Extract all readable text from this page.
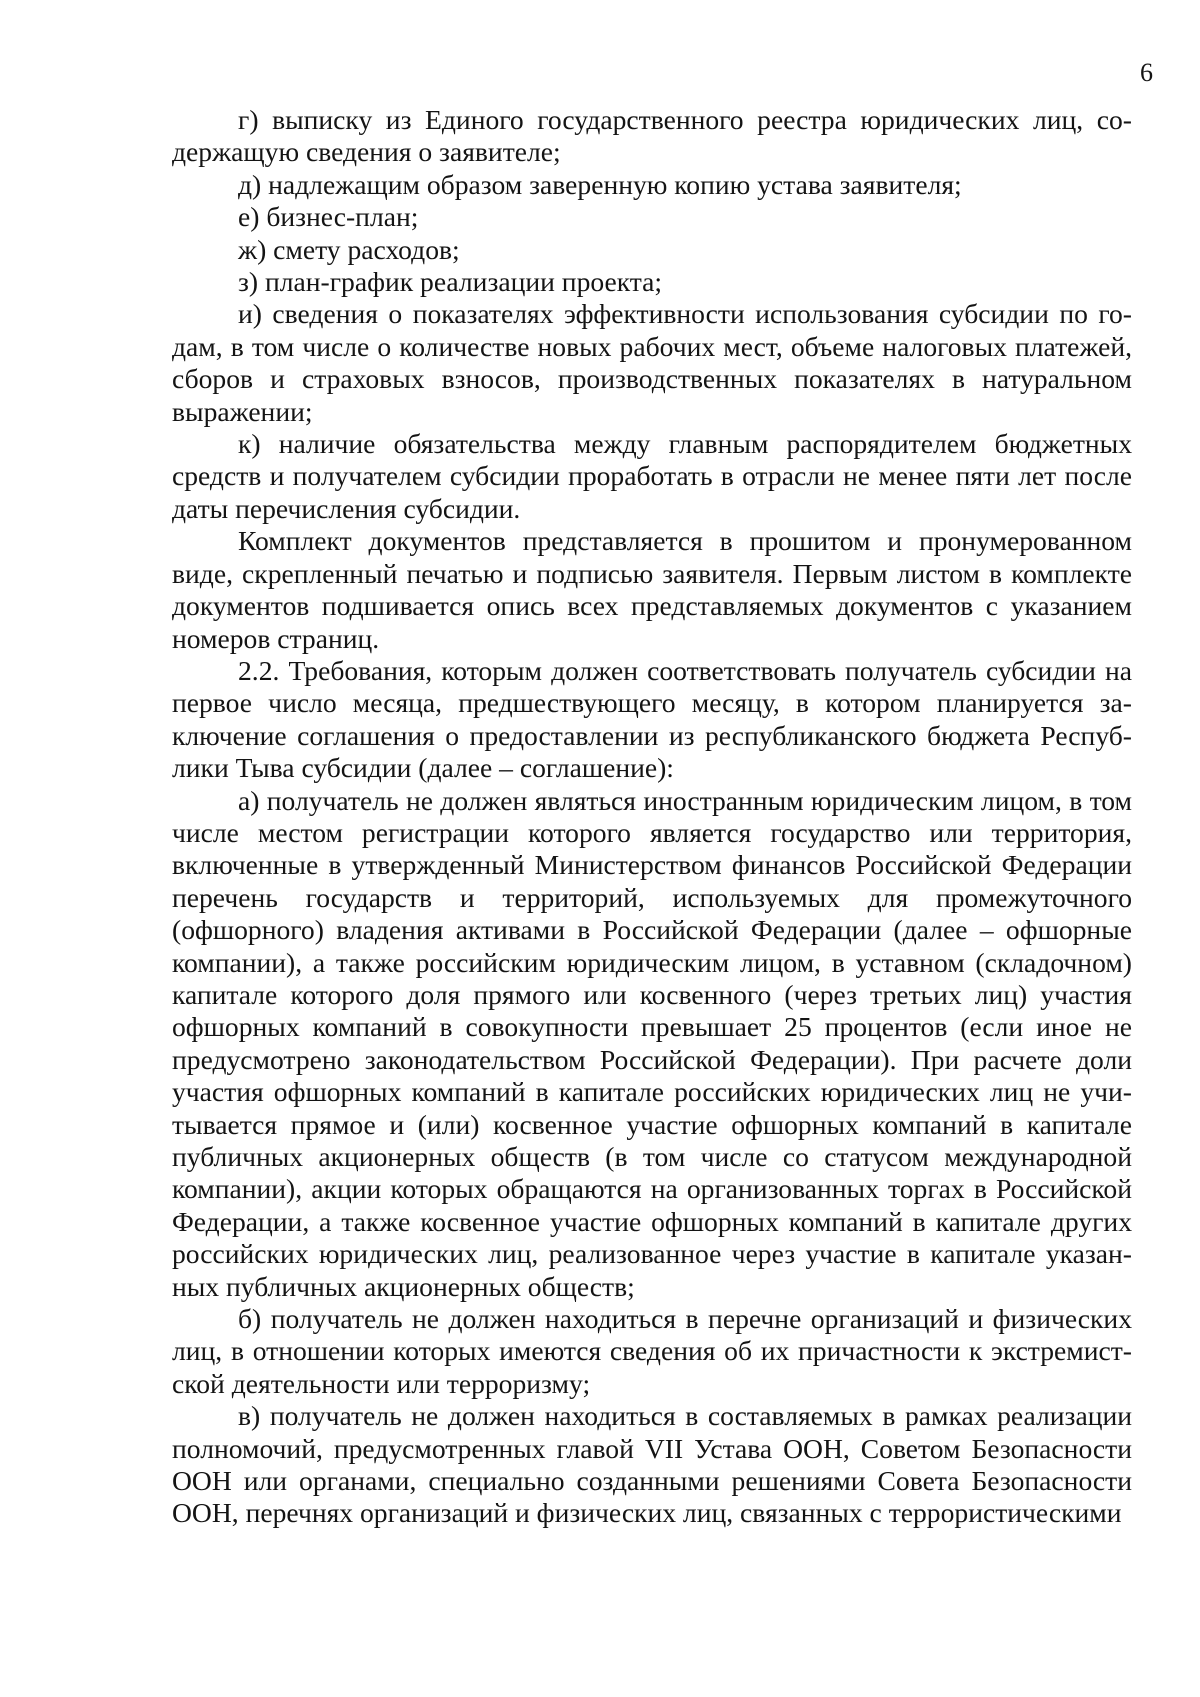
6

г) выписку из Единого государственного реестра юридических лиц, содержащую сведения о заявителе;

д) надлежащим образом заверенную копию устава заявителя;

е) бизнес-план;

ж) смету расходов;

з) план-график реализации проекта;

и) сведения о показателях эффективности использования субсидии по годам, в том числе о количестве новых рабочих мест, объеме налоговых платежей, сборов и страховых взносов, производственных показателях в натуральном выражении;

к) наличие обязательства между главным распорядителем бюджетных средств и получателем субсидии проработать в отрасли не менее пяти лет после даты перечисления субсидии.

Комплект документов представляется в прошитом и пронумерованном виде, скрепленный печатью и подписью заявителя. Первым листом в комплекте документов подшивается опись всех представляемых документов с указанием номеров страниц.

2.2. Требования, которым должен соответствовать получатель субсидии на первое число месяца, предшествующего месяцу, в котором планируется заключение соглашения о предоставлении из республиканского бюджета Республики Тыва субсидии (далее – соглашение):

а) получатель не должен являться иностранным юридическим лицом, в том числе местом регистрации которого является государство или территория, включенные в утвержденный Министерством финансов Российской Федерации перечень государств и территорий, используемых для промежуточного (офшорного) владения активами в Российской Федерации (далее – офшорные компании), а также российским юридическим лицом, в уставном (складочном) капитале которого доля прямого или косвенного (через третьих лиц) участия офшорных компаний в совокупности превышает 25 процентов (если иное не предусмотрено законодательством Российской Федерации). При расчете доли участия офшорных компаний в капитале российских юридических лиц не учитывается прямое и (или) косвенное участие офшорных компаний в капитале публичных акционерных обществ (в том числе со статусом международной компании), акции которых обращаются на организованных торгах в Российской Федерации, а также косвенное участие офшорных компаний в капитале других российских юридических лиц, реализованное через участие в капитале указанных публичных акционерных обществ;

б) получатель не должен находиться в перечне организаций и физических лиц, в отношении которых имеются сведения об их причастности к экстремистской деятельности или терроризму;

в) получатель не должен находиться в составляемых в рамках реализации полномочий, предусмотренных главой VII Устава ООН, Советом Безопасности ООН или органами, специально созданными решениями Совета Безопасности ООН, перечнях организаций и физических лиц, связанных с террористическими
